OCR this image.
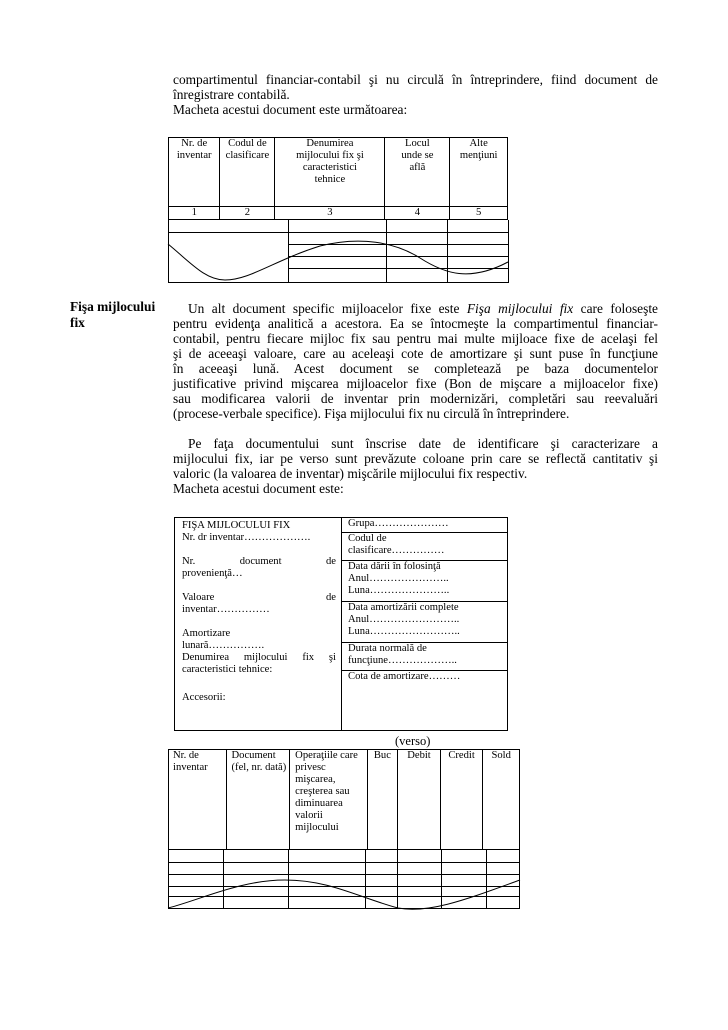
compartimentul financiar-contabil şi nu circulă în întreprindere, fiind document de
înregistrare contabilă.
Macheta acestui document este următoarea:
Nr. de inventar	Codul de clasificare	Denumirea mijlocului fix şi caracteristici tehnice	Locul unde se află	Alte menţiuni
1	2	3	4	5
Fişa mijlocului
fix
Un alt document specific mijloacelor fixe este Fişa mijlocului fix care foloseşte
pentru evidenţa analitică a acestora. Ea se întocmeşte la compartimentul financiar-
contabil, pentru fiecare mijloc fix sau pentru mai multe mijloace fixe de acelaşi fel
şi de aceeaşi valoare, care au aceleaşi cote de amortizare şi sunt puse în funcţiune
în aceeaşi lună. Acest document se completează pe baza documentelor
justificative privind mişcarea mijloacelor fixe (Bon de mişcare a mijloacelor fixe)
sau modificarea valorii de inventar prin modernizări, completări sau reevaluări
(procese-verbale specifice). Fişa mijlocului fix nu circulă în întreprindere.
Pe faţa documentului sunt înscrise date de identificare şi caracterizare a
mijlocului fix, iar pe verso sunt prevăzute coloane prin care se reflectă cantitativ şi
valoric (la valoarea de inventar) mişcările mijlocului fix respectiv.
Macheta acestui document este:
FIŞA MIJLOCULUI FIX
Nr. dr inventar……………….
Nr.	document	de
provenienţă…
Valoare	de
inventar……………
Amortizare
lunară…………….
Denumirea mijlocului fix şi
caracteristici tehnice:
Accesorii:
Grupa…………………
Codul de
clasificare……………
Data dării în folosinţă
Anul…………………..
Luna…………………..
Data amortizării complete
Anul……………………..
Luna……………………..
Durata normală de
funcţiune………………..
Cota de amortizare………
(verso)
Nr. de inventar	Document (fel, nr. dată)	Operaţiile care privesc mişcarea, creşterea sau diminuarea valorii mijlocului	Buc	Debit	Credit	Sold
